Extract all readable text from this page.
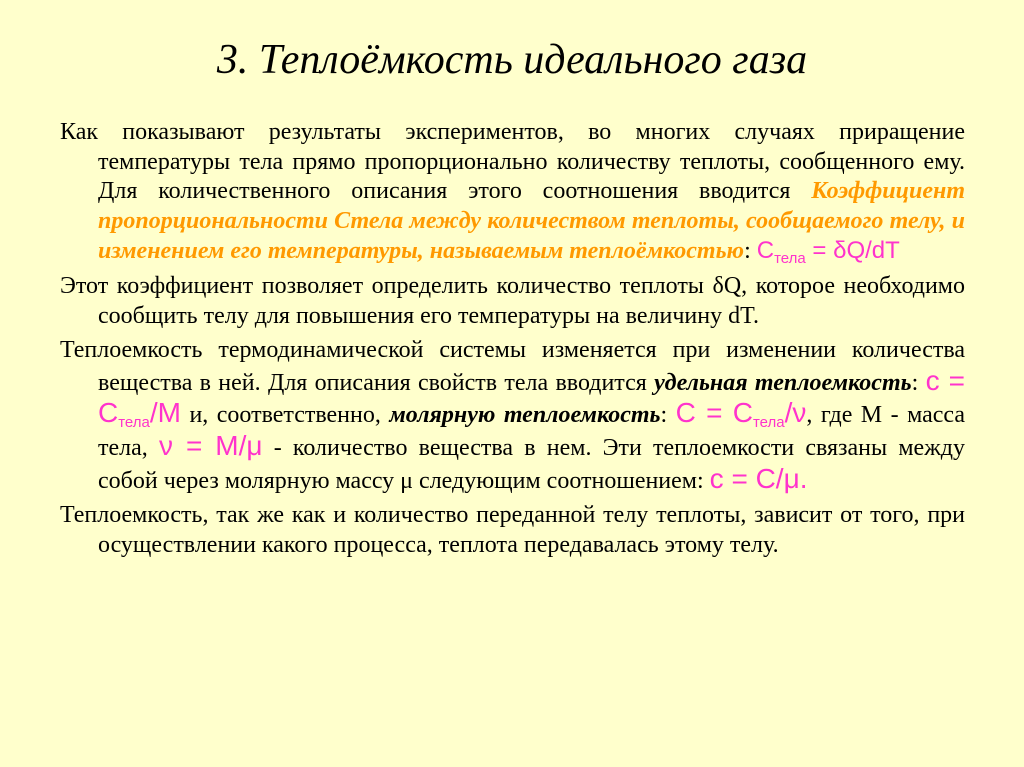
3. Теплоёмкость идеального газа

Как показывают результаты экспериментов, во многих случаях приращение температуры тела прямо пропорционально количеству теплоты, сообщенного ему. Для количественного описания этого соотношения вводится Коэффициент пропорциональности Стела между количеством теплоты, сообщаемого телу, и изменением его температуры, называемым теплоёмкостью: $C_{тела} = \delta Q/dT$

Этот коэффициент позволяет определить количество теплоты δQ, которое необходимо сообщить телу для повышения его температуры на величину dT.

Теплоемкость термодинамической системы изменяется при изменении количества вещества в ней. Для описания свойств тела вводится удельная теплоемкость: $с = С_{тела}/М$ и, соответственно, молярную теплоемкость: $С = С_{тела}/\nu$, где М - масса тела, ν = М/μ - количество вещества в нем. Эти теплоемкости связаны между собой через молярную массу μ следующим соотношением: с = С/μ.

Теплоемкость, так же как и количество переданной телу теплоты, зависит от того, при осуществлении какого процесса, теплота передавалась этому телу.
